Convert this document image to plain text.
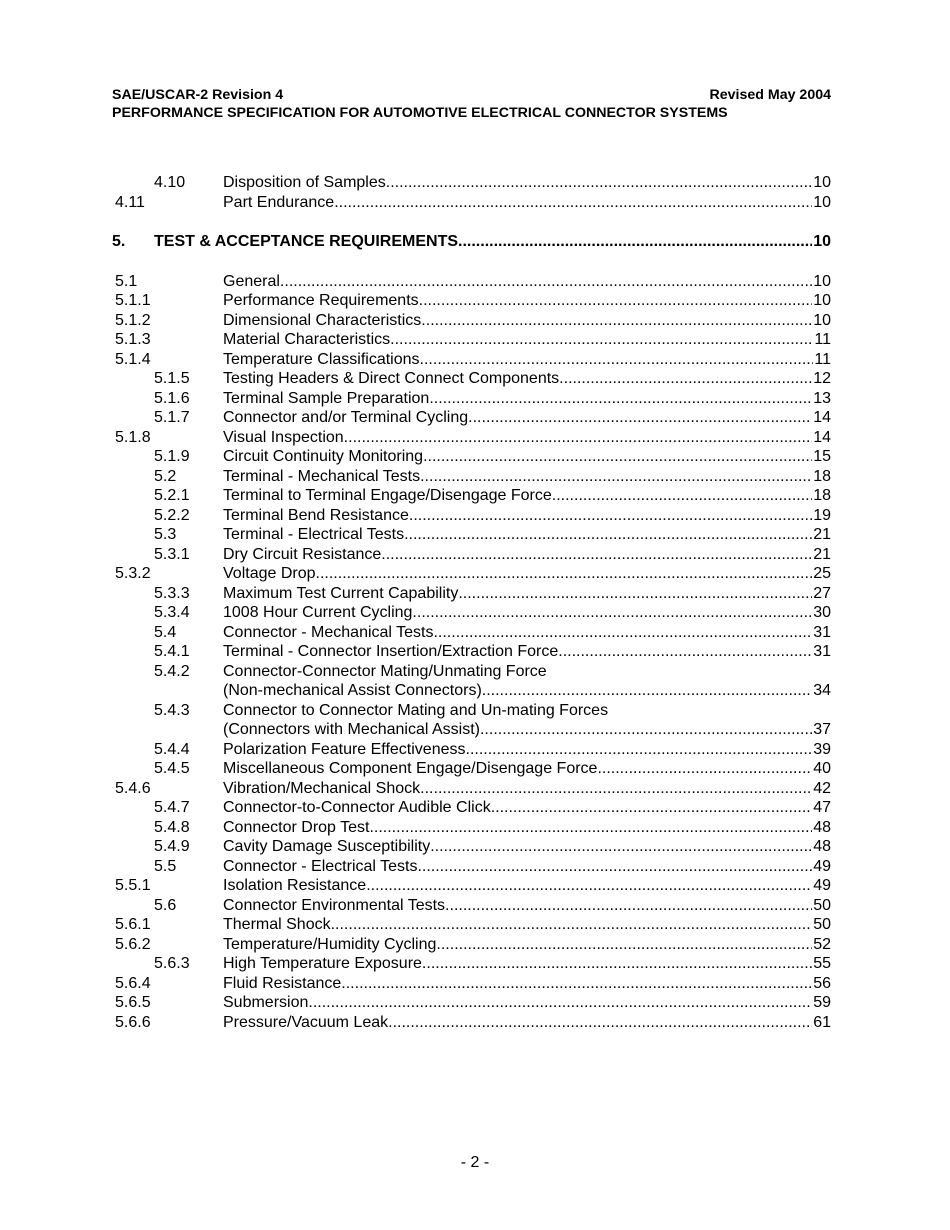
SAE/USCAR-2 Revision 4	Revised May 2004
PERFORMANCE SPECIFICATION FOR AUTOMOTIVE ELECTRICAL CONNECTOR SYSTEMS
4.10 Disposition of Samples .....	10
4.11	Part Endurance .....	10
5. TEST & ACCEPTANCE REQUIREMENTS .....	10
5.1	General .....	10
5.1.1	Performance Requirements .....	10
5.1.2	Dimensional Characteristics .....	10
5.1.3	Material Characteristics .....	11
5.1.4	Temperature Classifications .....	11
5.1.5 Testing Headers & Direct Connect Components .....	12
5.1.6 Terminal Sample Preparation .....	13
5.1.7 Connector and/or Terminal Cycling .....	14
5.1.8	Visual Inspection .....	14
5.1.9 Circuit Continuity Monitoring .....	15
5.2	Terminal - Mechanical Tests .....	18
5.2.1 Terminal to Terminal Engage/Disengage Force .....	18
5.2.2 Terminal Bend Resistance .....	19
5.3	Terminal - Electrical Tests .....	21
5.3.1 Dry Circuit Resistance .....	21
5.3.2	Voltage Drop .....	25
5.3.3 Maximum Test Current Capability .....	27
5.3.4 1008 Hour Current Cycling .....	30
5.4	Connector - Mechanical Tests .....	31
5.4.1 Terminal - Connector Insertion/Extraction Force .....	31
5.4.2 Connector-Connector Mating/Unmating Force
(Non-mechanical Assist Connectors) .....	34
5.4.3 Connector to Connector Mating and Un-mating Forces
(Connectors with Mechanical Assist) .....	37
5.4.4 Polarization Feature Effectiveness .....	39
5.4.5 Miscellaneous Component Engage/Disengage Force .....	40
5.4.6	Vibration/Mechanical Shock .....	42
5.4.7 Connector-to-Connector Audible Click .....	47
5.4.8 Connector Drop Test .....	48
5.4.9 Cavity Damage Susceptibility .....	48
5.5	Connector - Electrical Tests .....	49
5.5.1	Isolation Resistance .....	49
5.6	Connector Environmental Tests .....	50
5.6.1	Thermal Shock .....	50
5.6.2	Temperature/Humidity Cycling .....	52
5.6.3 High Temperature Exposure .....	55
5.6.4	Fluid Resistance .....	56
5.6.5	Submersion .....	59
5.6.6	Pressure/Vacuum Leak .....	61
- 2 -
